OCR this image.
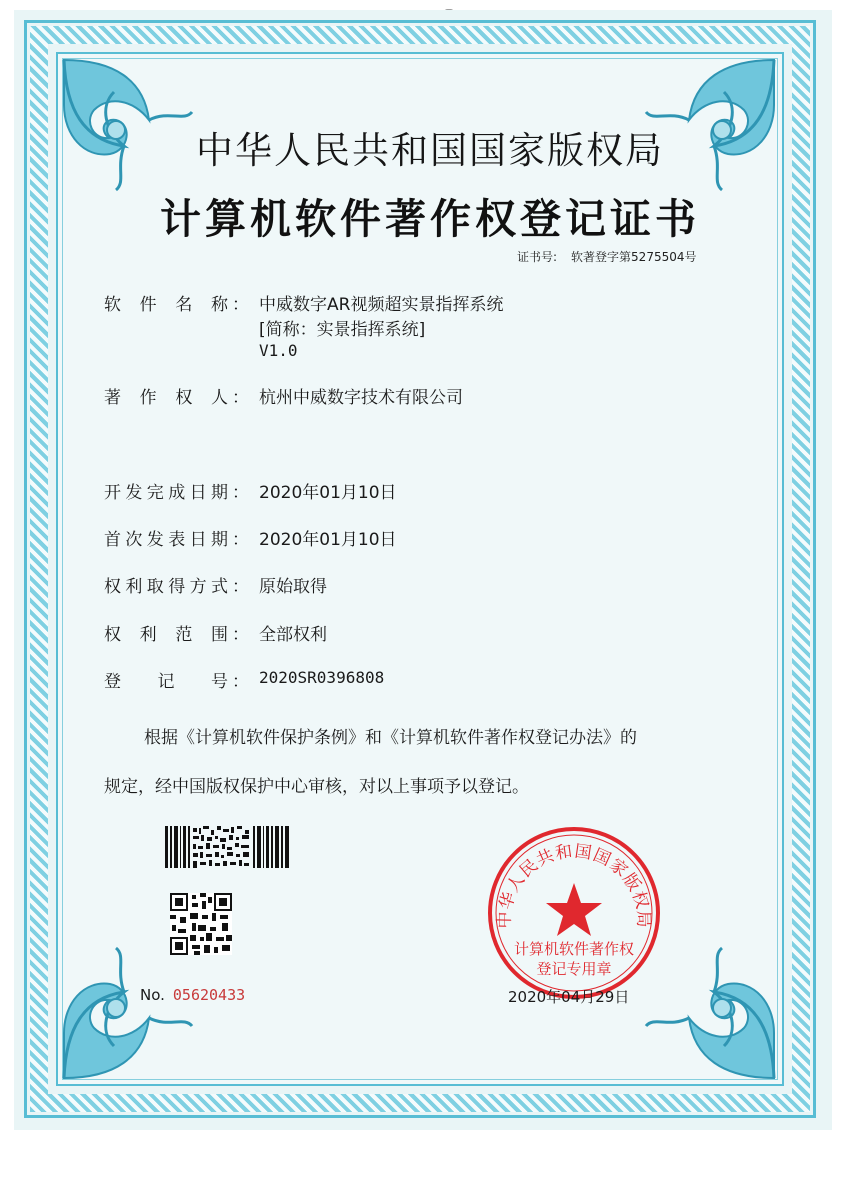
中华人民共和国国家版权局
计算机软件著作权登记证书
证书号: 软著登字第5275504号
软件名称 ： 中威数字AR视频超实景指挥系统
[简称：实景指挥系统]
V1.0
著作权人 ： 杭州中威数字技术有限公司
开发完成日期 ： 2020年01月10日
首次发表日期 ： 2020年01月10日
权利取得方式 ： 原始取得
权利范围 ： 全部权利
登记号 ： 2020SR0396808
根据《计算机软件保护条例》和《计算机软件著作权登记办法》的
规定，经中国版权保护中心审核，对以上事项予以登记。
No. 05620433
中华人民共和国国家版权局
计算机软件著作权
登记专用章
2020年04月29日
